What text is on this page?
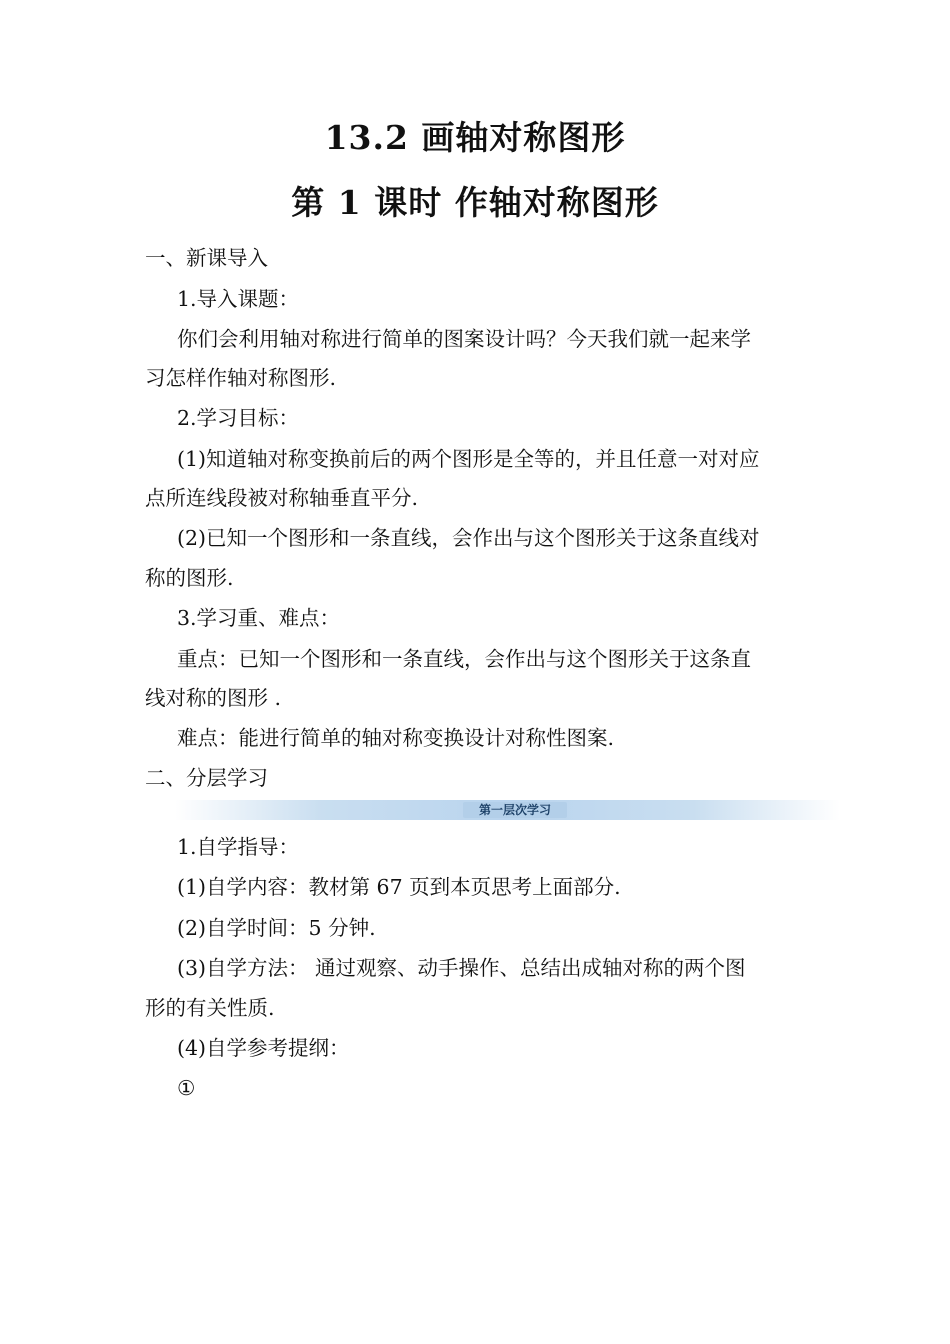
13.2 画轴对称图形
第 1 课时 作轴对称图形
一、新课导入
1.导入课题：
你们会利用轴对称进行简单的图案设计吗？今天我们就一起来学
习怎样作轴对称图形.
2.学习目标：
(1)知道轴对称变换前后的两个图形是全等的，并且任意一对对应
点所连线段被对称轴垂直平分.
(2)已知一个图形和一条直线，会作出与这个图形关于这条直线对
称的图形.
3.学习重、难点：
重点：已知一个图形和一条直线，会作出与这个图形关于这条直
线对称的图形 .
难点：能进行简单的轴对称变换设计对称性图案.
二、分层学习
第一层次学习
1.自学指导：
(1)自学内容：教材第 67 页到本页思考上面部分.
(2)自学时间：5 分钟.
(3)自学方法： 通过观察、动手操作、总结出成轴对称的两个图
形的有关性质.
(4)自学参考提纲：
①
